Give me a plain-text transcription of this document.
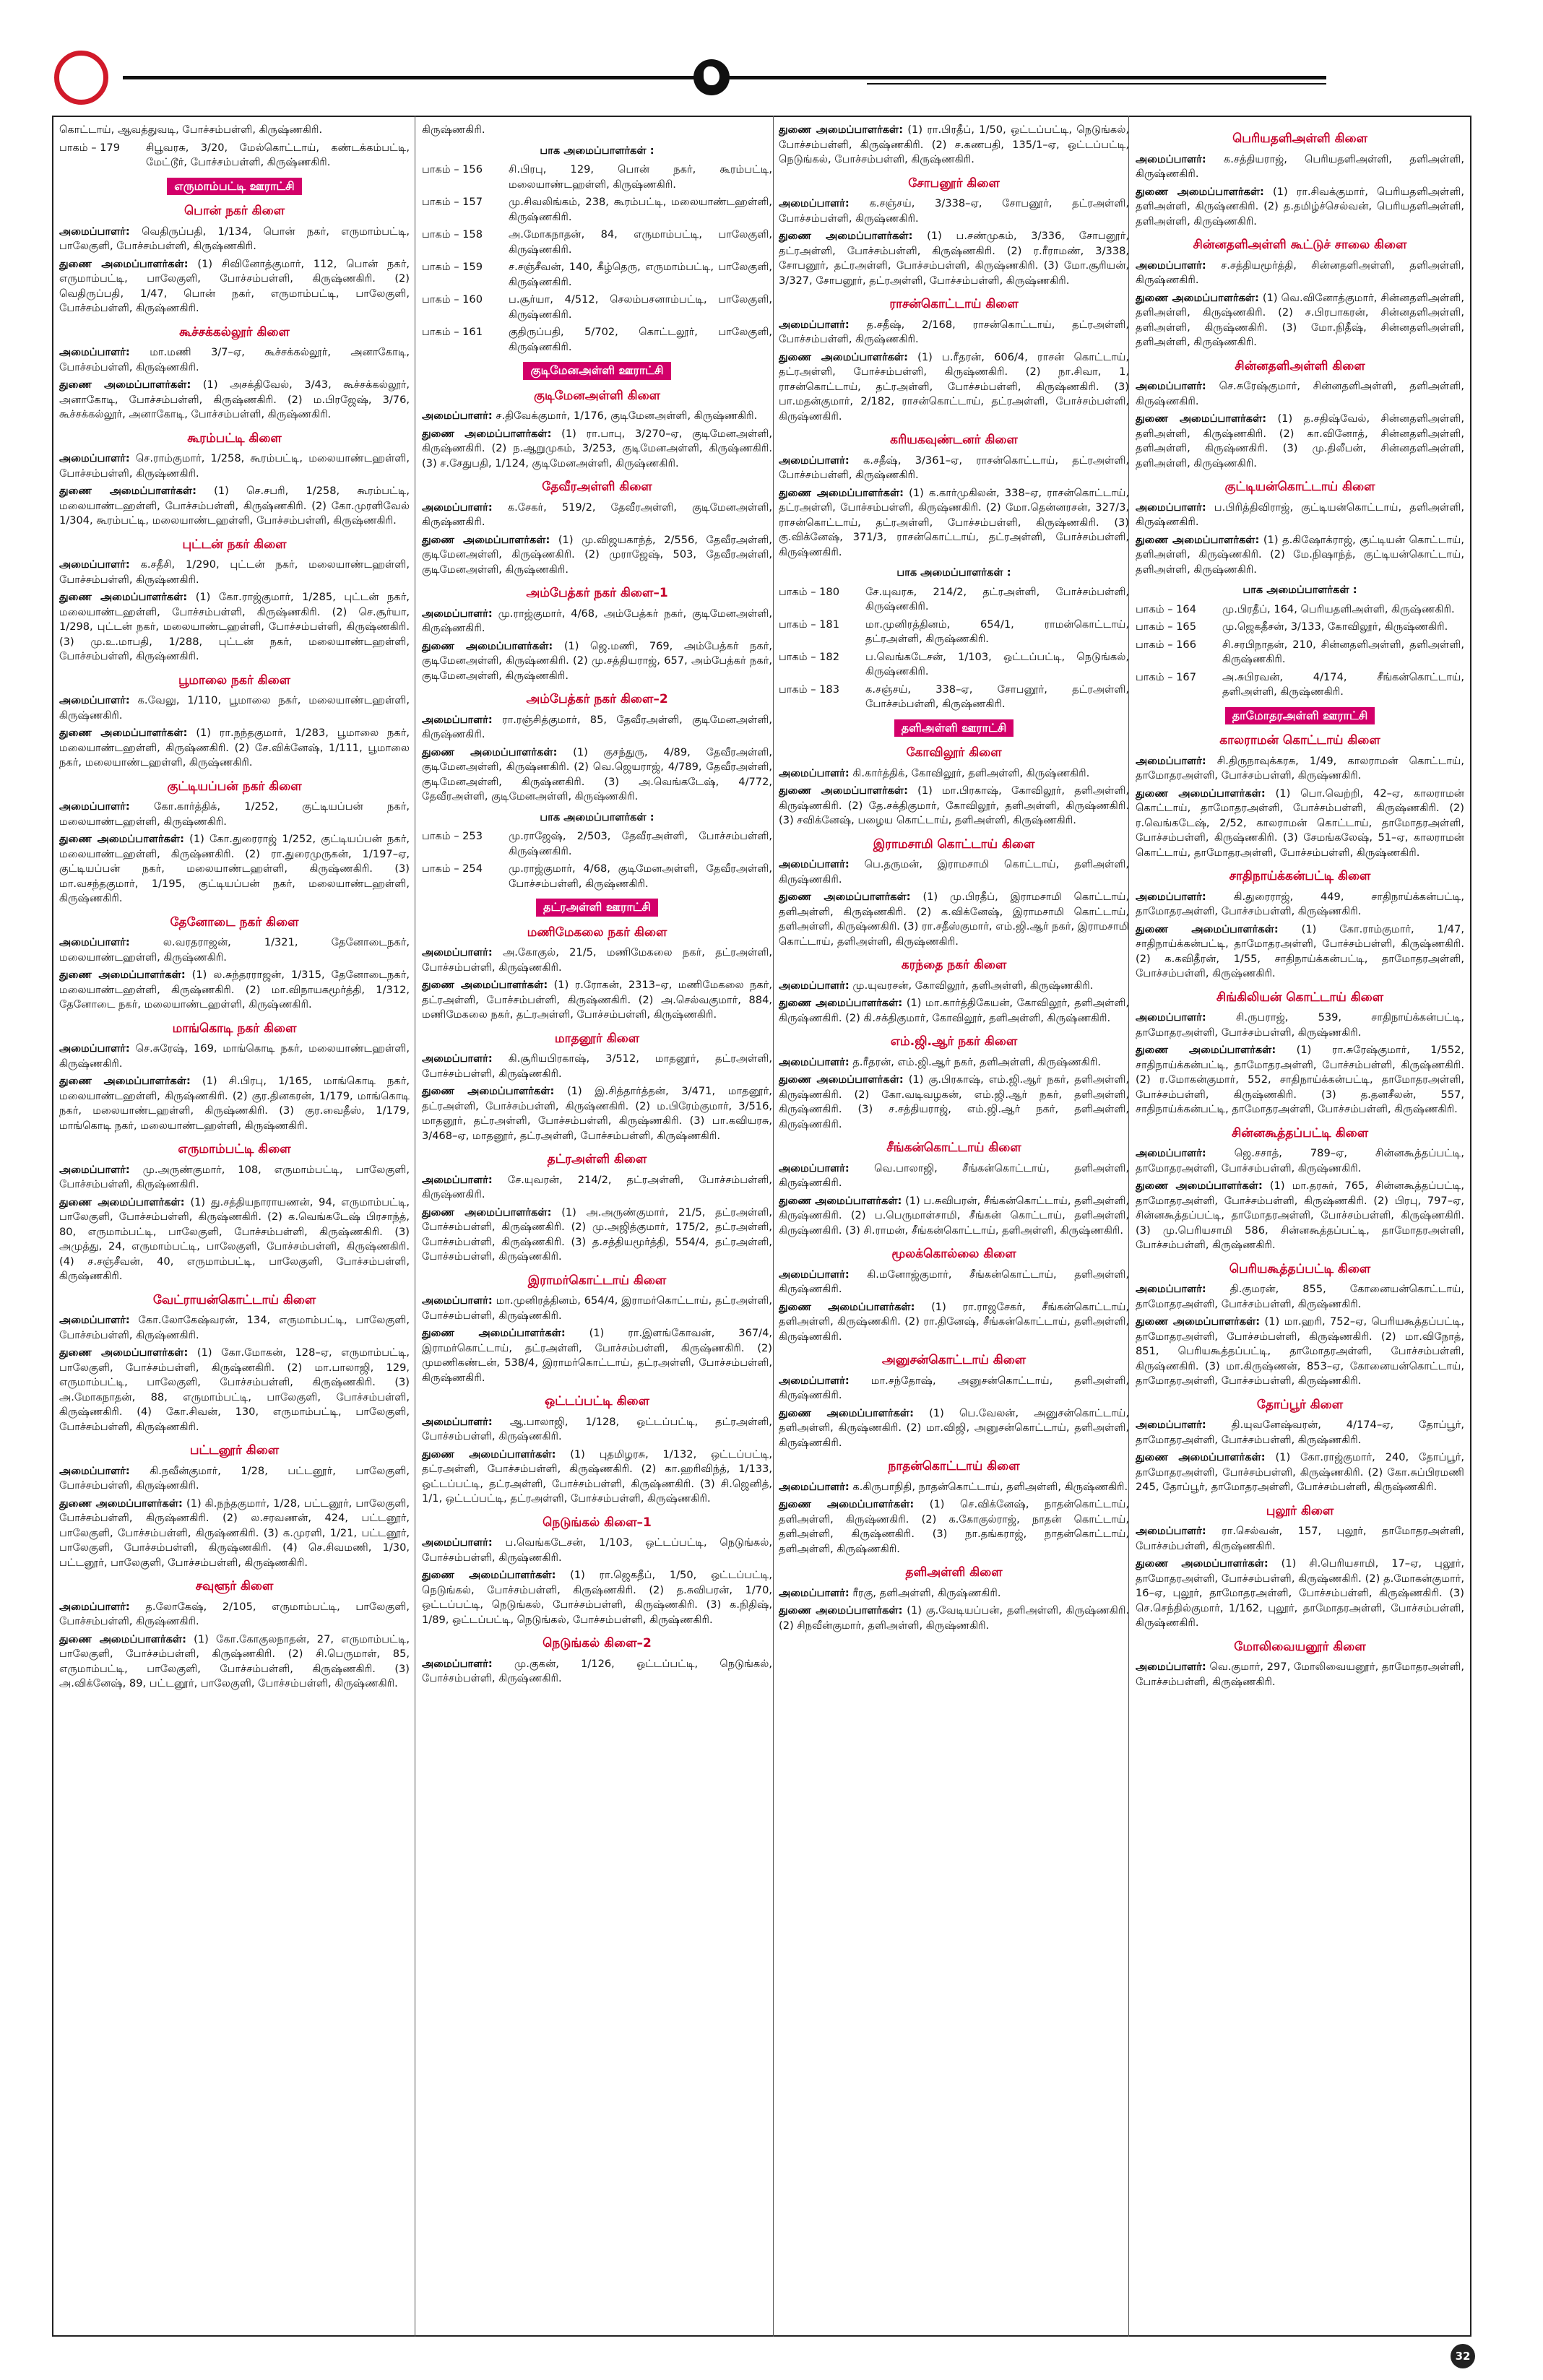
கொட்டாய், ஆவத்துவடி, போச்சம்பள்ளி, கிருஷ்ணகிரி.

பாகம் – 179	சிபூவரசு, 3/20, மேல்கொட்டாய், கண்டக்கம்பட்டி, மேட்டூர், போச்சம்பள்ளி, கிருஷ்ணகிரி.
எருமாம்பட்டி ஊராட்சி
பொன் நகர் கிளை

அமைப்பாளர்: வெதிருப்பதி, 1/134, பொன் நகர், எருமாம்பட்டி, பாலேகுளி, போச்சம்பள்ளி, கிருஷ்ணகிரி.

துணை அமைப்பாளர்கள்: (1) சிவினோத்குமார், 112, பொன் நகர், எருமாம்பட்டி, பாலேகுளி, போச்சம்பள்ளி, கிருஷ்ணகிரி. (2) வெதிருப்பதி, 1/47, பொன் நகர், எருமாம்பட்டி, பாலேகுளி, போச்சம்பள்ளி, கிருஷ்ணகிரி.

கூச்சக்கல்லூர் கிளை

அமைப்பாளர்: மா.மணி 3/7–ஏ, கூச்சக்கல்லூர், அனாகோடி, போச்சம்பள்ளி, கிருஷ்ணகிரி.

துணை அமைப்பாளர்கள்: (1) அசக்திவேல், 3/43, கூச்சக்கல்லூர், அனாகோடி, போச்சம்பள்ளி, கிருஷ்ணகிரி. (2) ம.பிரஜேஷ், 3/76, கூச்சக்கல்லூர், அனாகோடி, போச்சம்பள்ளி, கிருஷ்ணகிரி.

கூரம்பட்டி கிளை

அமைப்பாளர்: செ.ராம்குமார், 1/258, கூரம்பட்டி, மலையாண்டஹள்ளி, போச்சம்பள்ளி, கிருஷ்ணகிரி.

துணை அமைப்பாளர்கள்: (1) செ.சபரி, 1/258, கூரம்பட்டி, மலையாண்டஹள்ளி, போச்சம்பள்ளி, கிருஷ்ணகிரி. (2) கோ.முரளிவேல் 1/304, கூரம்பட்டி, மலையாண்டஹள்ளி, போச்சம்பள்ளி, கிருஷ்ணகிரி.

புட்டன் நகர் கிளை

அமைப்பாளர்: க.சதீசி, 1/290, புட்டன் நகர், மலையாண்டஹள்ளி, போச்சம்பள்ளி, கிருஷ்ணகிரி.

துணை அமைப்பாளர்கள்: (1) கோ.ராஜ்குமார், 1/285, புட்டன் நகர், மலையாண்டஹள்ளி, போச்சம்பள்ளி, கிருஷ்ணகிரி. (2) செ.சூர்யா, 1/298, புட்டன் நகர், மலையாண்டஹள்ளி, போச்சம்பள்ளி, கிருஷ்ணகிரி. (3) மு.உ.மாபதி, 1/288, புட்டன் நகர், மலையாண்டஹள்ளி, போச்சம்பள்ளி, கிருஷ்ணகிரி.

பூமாலை நகர் கிளை

அமைப்பாளர்: க.வேலு, 1/110, பூமாலை நகர், மலையாண்டஹள்ளி, கிருஷ்ணகிரி.

துணை அமைப்பாளர்கள்: (1) ரா.நந்தகுமார், 1/283, பூமாலை நகர், மலையாண்டஹள்ளி, கிருஷ்ணகிரி. (2) சே.விக்னேஷ், 1/111, பூமாலை நகர், மலையாண்டஹள்ளி, கிருஷ்ணகிரி.

குட்டியப்பன் நகர் கிளை

அமைப்பாளர்: கோ.கார்த்திக், 1/252, குட்டியப்பன் நகர், மலையாண்டஹள்ளி, கிருஷ்ணகிரி.

துணை அமைப்பாளர்கள்: (1) கோ.துரைராஜ் 1/252, குட்டியப்பன் நகர், மலையாண்டஹள்ளி, கிருஷ்ணகிரி. (2) ரா.துரைமுருகன், 1/197–ஏ, குட்டியப்பன் நகர், மலையாண்டஹள்ளி, கிருஷ்ணகிரி. (3) மா.வசந்தகுமார், 1/195, குட்டியப்பன் நகர், மலையாண்டஹள்ளி, கிருஷ்ணகிரி.

தேனோடை நகர் கிளை

அமைப்பாளர்:	ல.வரதராஜன், 1/321, தேனோடைநகர், மலையாண்டஹள்ளி, கிருஷ்ணகிரி.

துணை அமைப்பாளர்கள்: (1) ல.சுந்தரராஜன், 1/315, தேனோடைநகர், மலையாண்டஹள்ளி, கிருஷ்ணகிரி. (2) மா.விநாயகமூர்த்தி, 1/312, தேனோடை நகர், மலையாண்டஹள்ளி, கிருஷ்ணகிரி.

மாங்கொடி நகர் கிளை

அமைப்பாளர்: செ.சுரேஷ், 169, மாங்கொடி நகர், மலையாண்டஹள்ளி, கிருஷ்ணகிரி.

துணை அமைப்பாளர்கள்: (1) சி.பிரபு, 1/165, மாங்கொடி நகர், மலையாண்டஹள்ளி, கிருஷ்ணகிரி. (2) குர.தினகரன், 1/179, மாங்கொடி நகர், மலையாண்டஹள்ளி, கிருஷ்ணகிரி. (3) குர.வைதீஸ், 1/179, மாங்கொடி நகர், மலையாண்டஹள்ளி, கிருஷ்ணகிரி.

எருமாம்பட்டி கிளை

அமைப்பாளர்: மு.அருண்குமார், 108, எருமாம்பட்டி, பாலேகுளி, போச்சம்பள்ளி, கிருஷ்ணகிரி.

துணை அமைப்பாளர்கள்: (1) து.சத்தியநாராயணன், 94, எருமாம்பட்டி, பாலேகுளி, போச்சம்பள்ளி, கிருஷ்ணகிரி. (2) க.வெங்கடேஷ் பிரசாந்த், 80, எருமாம்பட்டி, பாலேகுளி, போச்சம்பள்ளி, கிருஷ்ணகிரி. (3) அமுத்து, 24, எருமாம்பட்டி, பாலேகுளி, போச்சம்பள்ளி, கிருஷ்ணகிரி. (4) ச.சஞ்சீவன், 40, எருமாம்பட்டி, பாலேகுளி, போச்சம்பள்ளி, கிருஷ்ணகிரி.

வேட்ராயன்கொட்டாய் கிளை

அமைப்பாளர்: கோ.லோகேஷ்வரன், 134, எருமாம்பட்டி, பாலேகுளி, போச்சம்பள்ளி, கிருஷ்ணகிரி.

துணை அமைப்பாளர்கள்: (1) கோ.மோகன், 128–ஏ, எருமாம்பட்டி, பாலேகுளி, போச்சம்பள்ளி, கிருஷ்ணகிரி. (2) மா.பாலாஜி, 129, எருமாம்பட்டி, பாலேகுளி, போச்சம்பள்ளி, கிருஷ்ணகிரி. (3) அ.மோகநாதன், 88, எருமாம்பட்டி, பாலேகுளி, போச்சம்பள்ளி, கிருஷ்ணகிரி. (4) கோ.சிவன், 130, எருமாம்பட்டி, பாலேகுளி, போச்சம்பள்ளி, கிருஷ்ணகிரி.

பட்டனூர் கிளை

அமைப்பாளர்: கி.நவீன்குமார், 1/28, பட்டனூர், பாலேகுளி, போச்சம்பள்ளி, கிருஷ்ணகிரி.

துணை அமைப்பாளர்கள்: (1) கி.நந்தகுமார், 1/28, பட்டனூர், பாலேகுளி, போச்சம்பள்ளி, கிருஷ்ணகிரி. (2) ல.சரவணன், 424, பட்டனூர், பாலேகுளி, போச்சம்பள்ளி, கிருஷ்ணகிரி. (3) க.முரளி, 1/21, பட்டனூர், பாலேகுளி, போச்சம்பள்ளி, கிருஷ்ணகிரி. (4) செ.சிவமணி, 1/30, பட்டனூர், பாலேகுளி, போச்சம்பள்ளி, கிருஷ்ணகிரி.

சவுளூர் கிளை

அமைப்பாளர்: த.லோகேஷ், 2/105, எருமாம்பட்டி, பாலேகுளி, போச்சம்பள்ளி, கிருஷ்ணகிரி.

துணை அமைப்பாளர்கள்: (1) கோ.கோகுலநாதன், 27, எருமாம்பட்டி, பாலேகுளி, போச்சம்பள்ளி, கிருஷ்ணகிரி. (2) சி.பெருமாள், 85, எருமாம்பட்டி, பாலேகுளி, போச்சம்பள்ளி, கிருஷ்ணகிரி. (3) அ.விக்னேஷ், 89, பட்டனூர், பாலேகுளி, போச்சம்பள்ளி, கிருஷ்ணகிரி.

கிருஷ்ணகிரி.

பாக அமைப்பாளர்கள் :
பாகம் – 156	சி.பிரபு, 129, பொன் நகர், கூரம்பட்டி, மலையாண்டஹள்ளி, கிருஷ்ணகிரி.
பாகம் – 157	மு.சிவலிங்கம், 238, கூரம்பட்டி, மலையாண்டஹள்ளி, கிருஷ்ணகிரி.
பாகம் – 158	அ.மோகநாதன், 84, எருமாம்பட்டி, பாலேகுளி, கிருஷ்ணகிரி.
பாகம் – 159	ச.சஞ்சீவன், 140, கீழ்தெரு, எருமாம்பட்டி, பாலேகுளி, கிருஷ்ணகிரி.
பாகம் – 160	ப.சூர்யா, 4/512, செலம்பசனாம்பட்டி, பாலேகுளி, கிருஷ்ணகிரி.
பாகம் – 161	குதிருப்பதி, 5/702, கொட்டலூர், பாலேகுளி, கிருஷ்ணகிரி.
குடிமேனஅள்ளி ஊராட்சி
குடிமேனஅள்ளி கிளை

அமைப்பாளர்: ச.திவேக்குமார், 1/176, குடிமேனஅள்ளி, கிருஷ்ணகிரி.

துணை அமைப்பாளர்கள்: (1) ரா.பாபு, 3/270–ஏ, குடிமேனஅள்ளி, கிருஷ்ணகிரி. (2) ந.ஆறுமுகம், 3/253, குடிமேனஅள்ளி, கிருஷ்ணகிரி. (3) ச.சேதுபதி, 1/124, குடிமேனஅள்ளி, கிருஷ்ணகிரி.

தேவீரஅள்ளி கிளை

அமைப்பாளர்: க.சேகர், 519/2, தேவீரஅள்ளி, குடிமேனஅள்ளி, கிருஷ்ணகிரி.

துணை அமைப்பாளர்கள்: (1) மு.விஜயகாந்த், 2/556, தேவீரஅள்ளி, குடிமேனஅள்ளி, கிருஷ்ணகிரி. (2) முராஜேஷ், 503, தேவீரஅள்ளி, குடிமேனஅள்ளி, கிருஷ்ணகிரி.

அம்பேத்கர் நகர் கிளை–1

அமைப்பாளர்: மு.ராஜ்குமார், 4/68, அம்பேத்கர் நகர், குடிமேனஅள்ளி, கிருஷ்ணகிரி.

துணை அமைப்பாளர்கள்: (1) ஜெ.மணி, 769, அம்பேத்கர் நகர், குடிமேனஅள்ளி, கிருஷ்ணகிரி. (2) மு.சத்தியராஜ், 657, அம்பேத்கர் நகர், குடிமேனஅள்ளி, கிருஷ்ணகிரி.

அம்பேத்கர் நகர் கிளை–2

அமைப்பாளர்: ரா.ரஞ்சித்குமார், 85, தேவீரஅள்ளி, குடிமேனஅள்ளி, கிருஷ்ணகிரி.

துணை அமைப்பாளர்கள்: (1) குசந்துரு, 4/89, தேவீரஅள்ளி, குடிமேனஅள்ளி, கிருஷ்ணகிரி. (2) வெ.ஜெயராஜ், 4/789, தேவீரஅள்ளி, குடிமேனஅள்ளி, கிருஷ்ணகிரி. (3) அ.வெங்கடேஷ், 4/772, தேவீரஅள்ளி, குடிமேனஅள்ளி, கிருஷ்ணகிரி.

பாக அமைப்பாளர்கள் :
பாகம் – 253	மு.ராஜேஷ், 2/503, தேவீரஅள்ளி, போச்சம்பள்ளி, கிருஷ்ணகிரி.
பாகம் – 254	மு.ராஜ்குமார், 4/68, குடிமேனஅள்ளி, தேவீரஅள்ளி, போச்சம்பள்ளி, கிருஷ்ணகிரி.
தட்ரஅள்ளி ஊராட்சி
மணிமேகலை நகர் கிளை

அமைப்பாளர்: அ.கோகுல், 21/5, மணிமேகலை நகர், தட்ரஅள்ளி, போச்சம்பள்ளி, கிருஷ்ணகிரி.

துணை அமைப்பாளர்கள்: (1) ர.ரோகன், 2313–ஏ, மணிமேகலை நகர், தட்ரஅள்ளி, போச்சம்பள்ளி, கிருஷ்ணகிரி. (2) அ.செல்வகுமார், 884, மணிமேகலை நகர், தட்ரஅள்ளி, போச்சம்பள்ளி, கிருஷ்ணகிரி.

மாதனூர் கிளை

அமைப்பாளர்: கி.சூரியபிரகாஷ், 3/512, மாதனூர், தட்ரஅள்ளி, போச்சம்பள்ளி, கிருஷ்ணகிரி.

துணை அமைப்பாளர்கள்: (1) இ.சித்தார்த்தன், 3/471, மாதனூர், தட்ரஅள்ளி, போச்சம்பள்ளி, கிருஷ்ணகிரி. (2) ம.பிரேம்குமார், 3/516, மாதனூர், தட்ரஅள்ளி, போச்சம்பள்ளி, கிருஷ்ணகிரி. (3) பா.கவியரசு, 3/468–ஏ, மாதனூர், தட்ரஅள்ளி, போச்சம்பள்ளி, கிருஷ்ணகிரி.

தட்ரஅள்ளி கிளை

அமைப்பாளர்: சே.யுவரன், 214/2, தட்ரஅள்ளி, போச்சம்பள்ளி, கிருஷ்ணகிரி.

துணை அமைப்பாளர்கள்: (1) அ.அருண்குமார், 21/5, தட்ரஅள்ளி, போச்சம்பள்ளி, கிருஷ்ணகிரி. (2) மு.அஜித்குமார், 175/2, தட்ரஅள்ளி, போச்சம்பள்ளி, கிருஷ்ணகிரி. (3) த.சத்தியமூர்த்தி, 554/4, தட்ரஅள்ளி, போச்சம்பள்ளி, கிருஷ்ணகிரி.

இராமர்கொட்டாய் கிளை

அமைப்பாளர்: மா.முனிரத்தினம், 654/4, இராமர்கொட்டாய், தட்ரஅள்ளி, போச்சம்பள்ளி, கிருஷ்ணகிரி.

துணை அமைப்பாளர்கள்: (1) ரா.இளங்கோவன், 367/4, இராமர்கொட்டாய், தட்ரஅள்ளி, போச்சம்பள்ளி, கிருஷ்ணகிரி. (2) முமணிகண்டன், 538/4, இராமர்கொட்டாய், தட்ரஅள்ளி, போச்சம்பள்ளி, கிருஷ்ணகிரி.

ஒட்டப்பட்டி கிளை

அமைப்பாளர்: ஆ.பாலாஜி, 1/128, ஒட்டப்பட்டி, தட்ரஅள்ளி, போச்சம்பள்ளி, கிருஷ்ணகிரி.

துணை அமைப்பாளர்கள்: (1) புதமிழரசு, 1/132, ஒட்டப்பட்டி, தட்ரஅள்ளி, போச்சம்பள்ளி, கிருஷ்ணகிரி. (2) கா.ஹரிவிந்த், 1/133, ஒட்டப்பட்டி, தட்ரஅள்ளி, போச்சம்பள்ளி, கிருஷ்ணகிரி. (3) சி.ஜெனித், 1/1, ஒட்டப்பட்டி, தட்ரஅள்ளி, போச்சம்பள்ளி, கிருஷ்ணகிரி.

நெடுங்கல் கிளை–1

அமைப்பாளர்: ப.வெங்கடேசன், 1/103, ஒட்டப்பட்டி, நெடுங்கல், போச்சம்பள்ளி, கிருஷ்ணகிரி.

துணை அமைப்பாளர்கள்: (1) ரா.ஜெகதீப், 1/50, ஒட்டப்பட்டி, நெடுங்கல், போச்சம்பள்ளி, கிருஷ்ணகிரி. (2) த.சுவிபரன், 1/70, ஒட்டப்பட்டி, நெடுங்கல், போச்சம்பள்ளி, கிருஷ்ணகிரி. (3) க.நிதிஷ், 1/89, ஒட்டப்பட்டி, நெடுங்கல், போச்சம்பள்ளி, கிருஷ்ணகிரி.

நெடுங்கல் கிளை–2

அமைப்பாளர்: மு.குகன், 1/126, ஒட்டப்பட்டி, நெடுங்கல், போச்சம்பள்ளி, கிருஷ்ணகிரி.

துணை அமைப்பாளர்கள்: (1) ரா.பிரதீப், 1/50, ஒட்டப்பட்டி, நெடுங்கல், போச்சம்பள்ளி, கிருஷ்ணகிரி. (2) ச.கணபதி, 135/1–ஏ, ஒட்டப்பட்டி, நெடுங்கல், போச்சம்பள்ளி, கிருஷ்ணகிரி.

சோபனூர் கிளை

அமைப்பாளர்: க.சஞ்சய், 3/338–ஏ, சோபனூர், தட்ரஅள்ளி, போச்சம்பள்ளி, கிருஷ்ணகிரி.

துணை அமைப்பாளர்கள்: (1) ப.சண்முகம், 3/336, சோபனூர், தட்ரஅள்ளி, போச்சம்பள்ளி, கிருஷ்ணகிரி. (2) ர.ரீராமண், 3/338, சோபனூர், தட்ரஅள்ளி, போச்சம்பள்ளி, கிருஷ்ணகிரி. (3) மோ.சூரியன், 3/327, சோபனூர், தட்ரஅள்ளி, போச்சம்பள்ளி, கிருஷ்ணகிரி.

ராசன்கொட்டாய் கிளை

அமைப்பாளர்: த.சதீஷ், 2/168, ராசன்கொட்டாய், தட்ரஅள்ளி, போச்சம்பள்ளி, கிருஷ்ணகிரி.

துணை அமைப்பாளர்கள்: (1) ப.ரீதரன், 606/4, ராசன் கொட்டாய், தட்ரஅள்ளி, போச்சம்பள்ளி, கிருஷ்ணகிரி. (2) நா.சிவா, 1, ராசன்கொட்டாய், தட்ரஅள்ளி, போச்சம்பள்ளி, கிருஷ்ணகிரி. (3) பா.மதன்குமார், 2/182, ராசன்கொட்டாய், தட்ரஅள்ளி, போச்சம்பள்ளி, கிருஷ்ணகிரி.

கரியகவுண்டனர் கிளை

அமைப்பாளர்: க.சதீஷ், 3/361–ஏ, ராசன்கொட்டாய், தட்ரஅள்ளி, போச்சம்பள்ளி, கிருஷ்ணகிரி.

துணை அமைப்பாளர்கள்: (1) க.கார்முகிலன், 338–ஏ, ராசன்கொட்டாய், தட்ரஅள்ளி, போச்சம்பள்ளி, கிருஷ்ணகிரி. (2) மோ.தென்னரசன், 327/3, ராசன்கொட்டாய், தட்ரஅள்ளி, போச்சம்பள்ளி, கிருஷ்ணகிரி. (3) கு.விக்னேஷ், 371/3, ராசன்கொட்டாய், தட்ரஅள்ளி, போச்சம்பள்ளி, கிருஷ்ணகிரி.

பாக அமைப்பாளர்கள் :
பாகம் – 180	சே.யுவரசு, 214/2, தட்ரஅள்ளி, போச்சம்பள்ளி, கிருஷ்ணகிரி.
பாகம் – 181	மா.முனிரத்தினம், 654/1, ராமன்கொட்டாய், தட்ரஅள்ளி, கிருஷ்ணகிரி.
பாகம் – 182	ப.வெங்கடேசன், 1/103, ஒட்டப்பட்டி, நெடுங்கல், கிருஷ்ணகிரி.
பாகம் – 183	க.சஞ்சய், 338–ஏ, சோபனூர், தட்ரஅள்ளி, போச்சம்பள்ளி, கிருஷ்ணகிரி.
தளிஅள்ளி ஊராட்சி
கோவிலூர் கிளை

அமைப்பாளர்: கி.கார்த்திக், கோவிலூர், தளிஅள்ளி, கிருஷ்ணகிரி.

துணை அமைப்பாளர்கள்: (1) மா.பிரகாஷ், கோவிலூர், தளிஅள்ளி, கிருஷ்ணகிரி. (2) தே.சக்திகுமார், கோவிலூர், தளிஅள்ளி, கிருஷ்ணகிரி. (3) சவிக்னேஷ், பழைய கொட்டாய், தளிஅள்ளி, கிருஷ்ணகிரி.

இராமசாமி கொட்டாய் கிளை

அமைப்பாளர்: பெ.தருமன், இராமசாமி கொட்டாய், தளிஅள்ளி, கிருஷ்ணகிரி.

துணை அமைப்பாளர்கள்: (1) மு.பிரதீப், இராமசாமி கொட்டாய், தளிஅள்ளி, கிருஷ்ணகிரி. (2) க.விக்னேஷ், இராமசாமி கொட்டாய், தளிஅள்ளி, கிருஷ்ணகிரி. (3) ரா.சதீஸ்குமார், எம்.ஜி.ஆர் நகர், இராமசாமி கொட்டாய், தளிஅள்ளி, கிருஷ்ணகிரி.

கரந்தை நகர் கிளை

அமைப்பாளர்: மு.யுவரசன், கோவிலூர், தளிஅள்ளி, கிருஷ்ணகிரி.

துணை அமைப்பாளர்கள்: (1) மா.கார்த்திகேயன், கோவிலூர், தளிஅள்ளி, கிருஷ்ணகிரி. (2) கி.சக்திகுமார், கோவிலூர், தளிஅள்ளி, கிருஷ்ணகிரி.

எம்.ஜி.ஆர் நகர் கிளை

அமைப்பாளர்: த.ரீதரன், எம்.ஜி.ஆர் நகர், தளிஅள்ளி, கிருஷ்ணகிரி.

துணை அமைப்பாளர்கள்: (1) கு.பிரகாஷ், எம்.ஜி.ஆர் நகர், தளிஅள்ளி, கிருஷ்ணகிரி. (2) கோ.வடிவழகன், எம்.ஜி.ஆர் நகர், தளிஅள்ளி, கிருஷ்ணகிரி. (3) ச.சத்தியராஜ், எம்.ஜி.ஆர் நகர், தளிஅள்ளி, கிருஷ்ணகிரி.

சீங்கன்கொட்டாய் கிளை

அமைப்பாளர்: வெ.பாலாஜி, சீங்கன்கொட்டாய், தளிஅள்ளி, கிருஷ்ணகிரி.

துணை அமைப்பாளர்கள்: (1) ப.சுவிபரன், சீங்கன்கொட்டாய், தளிஅள்ளி, கிருஷ்ணகிரி. (2) ப.பெருமாள்சாமி, சீங்கன் கொட்டாய், தளிஅள்ளி, கிருஷ்ணகிரி. (3) சி.ராமன், சீங்கன்கொட்டாய், தளிஅள்ளி, கிருஷ்ணகிரி.

மூலக்கொல்லை கிளை

அமைப்பாளர்: கி.மனோஜ்குமார், சீங்கன்கொட்டாய், தளிஅள்ளி, கிருஷ்ணகிரி.

துணை அமைப்பாளர்கள்: (1) ரா.ராஜசேகர், சீங்கன்கொட்டாய், தளிஅள்ளி, கிருஷ்ணகிரி. (2) ரா.தினேஷ், சீங்கன்கொட்டாய், தளிஅள்ளி, கிருஷ்ணகிரி.

அனுசன்கொட்டாய் கிளை

அமைப்பாளர்: மா.சந்தோஷ், அனுசன்கொட்டாய், தளிஅள்ளி, கிருஷ்ணகிரி.

துணை அமைப்பாளர்கள்: (1) பெ.வேலன், அனுசன்கொட்டாய், தளிஅள்ளி, கிருஷ்ணகிரி. (2) மா.விஜி, அனுசன்கொட்டாய், தளிஅள்ளி, கிருஷ்ணகிரி.

நாதன்கொட்டாய் கிளை

அமைப்பாளர்: க.கிருபாநிதி, நாதன்கொட்டாய், தளிஅள்ளி, கிருஷ்ணகிரி.

துணை அமைப்பாளர்கள்: (1) செ.விக்னேஷ், நாதன்கொட்டாய், தளிஅள்ளி, கிருஷ்ணகிரி. (2) க.கோகுல்ராஜ், நாதன் கொட்டாய், தளிஅள்ளி, கிருஷ்ணகிரி. (3) நா.தங்கராஜ், நாதன்கொட்டாய், தளிஅள்ளி, கிருஷ்ணகிரி.

தளிஅள்ளி கிளை

அமைப்பாளர்: ரீரகு, தளிஅள்ளி, கிருஷ்ணகிரி.

துணை அமைப்பாளர்கள்: (1) கு.வேடியப்பன், தளிஅள்ளி, கிருஷ்ணகிரி. (2) சிநவீன்குமார், தளிஅள்ளி, கிருஷ்ணகிரி.

பெரியதளிஅள்ளி கிளை

அமைப்பாளர்: க.சத்தியராஜ், பெரியதளிஅள்ளி, தளிஅள்ளி, கிருஷ்ணகிரி.

துணை அமைப்பாளர்கள்: (1) ரா.சிவக்குமார், பெரியதளிஅள்ளி, தளிஅள்ளி, கிருஷ்ணகிரி. (2) த.தமிழ்ச்செல்வன், பெரியதளிஅள்ளி, தளிஅள்ளி, கிருஷ்ணகிரி.

சின்னதளிஅள்ளி கூட்டுச் சாலை கிளை

அமைப்பாளர்: ச.சத்தியமூர்த்தி, சின்னதளிஅள்ளி, தளிஅள்ளி, கிருஷ்ணகிரி.

துணை அமைப்பாளர்கள்: (1) வெ.வினோத்குமார், சின்னதளிஅள்ளி, தளிஅள்ளி, கிருஷ்ணகிரி. (2) ச.பிரபாகரன், சின்னதளிஅள்ளி, தளிஅள்ளி, கிருஷ்ணகிரி. (3) மோ.நிதீஷ், சின்னதளிஅள்ளி, தளிஅள்ளி, கிருஷ்ணகிரி.

சின்னதளிஅள்ளி கிளை

அமைப்பாளர்: செ.சுரேஷ்குமார், சின்னதளிஅள்ளி, தளிஅள்ளி, கிருஷ்ணகிரி.

துணை அமைப்பாளர்கள்: (1) த.சதிஷ்வேல், சின்னதளிஅள்ளி, தளிஅள்ளி, கிருஷ்ணகிரி. (2) கா.வினோத், சின்னதளிஅள்ளி, தளிஅள்ளி, கிருஷ்ணகிரி. (3) மு.திலீபன், சின்னதளிஅள்ளி, தளிஅள்ளி, கிருஷ்ணகிரி.

குட்டியன்கொட்டாய் கிளை

அமைப்பாளர்: ப.பிரித்திவிராஜ், குட்டியன்கொட்டாய், தளிஅள்ளி, கிருஷ்ணகிரி.

துணை அமைப்பாளர்கள்: (1) த.கிஷோக்ராஜ், குட்டியன் கொட்டாய், தளிஅள்ளி, கிருஷ்ணகிரி. (2) மே.நிஷாந்த், குட்டியன்கொட்டாய், தளிஅள்ளி, கிருஷ்ணகிரி.

பாக அமைப்பாளர்கள் :
பாகம் – 164	மு.பிரதீப், 164, பெரியதளிஅள்ளி, கிருஷ்ணகிரி.
பாகம் – 165	மு.ஜெகதீசன், 3/133, கோவிலூர், கிருஷ்ணகிரி.
பாகம் – 166	சி.சரபிநாதன், 210, சின்னதளிஅள்ளி, தளிஅள்ளி, கிருஷ்ணகிரி.
பாகம் – 167	அ.சுபிரவன், 4/174, சீங்கன்கொட்டாய், தளிஅள்ளி, கிருஷ்ணகிரி.
தாமோதரஅள்ளி ஊராட்சி
காலராமன் கொட்டாய் கிளை

அமைப்பாளர்: சி.திருநாவுக்கரசு, 1/49, காலராமன் கொட்டாய், தாமோதரஅள்ளி, போச்சம்பள்ளி, கிருஷ்ணகிரி.

துணை அமைப்பாளர்கள்: (1) பொ.வெற்றி, 42–ஏ, காலராமன் கொட்டாய், தாமோதரஅள்ளி, போச்சம்பள்ளி, கிருஷ்ணகிரி. (2) ர.வெங்கடேஷ், 2/52, காலராமன் கொட்டாய், தாமோதரஅள்ளி, போச்சம்பள்ளி, கிருஷ்ணகிரி. (3) சேமங்கலேஷ், 51–ஏ, காலராமன் கொட்டாய், தாமோதரஅள்ளி, போச்சம்பள்ளி, கிருஷ்ணகிரி.

சாதிநாய்க்கன்பட்டி கிளை

அமைப்பாளர்:	கி.துரைராஜ், 449, சாதிநாய்க்கன்பட்டி, தாமோதரஅள்ளி, போச்சம்பள்ளி, கிருஷ்ணகிரி.

துணை அமைப்பாளர்கள்: (1) கோ.ராம்குமார், 1/47, சாதிநாய்க்கன்பட்டி, தாமோதரஅள்ளி, போச்சம்பள்ளி, கிருஷ்ணகிரி. (2) க.கவிதீரன், 1/55, சாதிநாய்க்கன்பட்டி, தாமோதரஅள்ளி, போச்சம்பள்ளி, கிருஷ்ணகிரி.

சிங்கிலியன் கொட்டாய் கிளை

அமைப்பாளர்:	சி.ருபராஜ், 539, சாதிநாய்க்கன்பட்டி, தாமோதரஅள்ளி, போச்சம்பள்ளி, கிருஷ்ணகிரி.

துணை அமைப்பாளர்கள்: (1) ரா.சுரேஷ்குமார், 1/552, சாதிநாய்க்கன்பட்டி, தாமோதரஅள்ளி, போச்சம்பள்ளி, கிருஷ்ணகிரி. (2) ர.மோகன்குமார், 552, சாதிநாய்க்கன்பட்டி, தாமோதரஅள்ளி, போச்சம்பள்ளி, கிருஷ்ணகிரி. (3) த.தனசீலன், 557, சாதிநாய்க்கன்பட்டி, தாமோதரஅள்ளி, போச்சம்பள்ளி, கிருஷ்ணகிரி.

சின்னகூத்தப்பட்டி கிளை

அமைப்பாளர்:	ஜெ.சசாத், 789–ஏ, சின்னகூத்தப்பட்டி, தாமோதரஅள்ளி, போச்சம்பள்ளி, கிருஷ்ணகிரி.

துணை அமைப்பாளர்கள்: (1) மா.தரசுர், 765, சின்னகூத்தப்பட்டி, தாமோதரஅள்ளி, போச்சம்பள்ளி, கிருஷ்ணகிரி. (2) பிரபு, 797–ஏ, சின்னகூத்தப்பட்டி, தாமோதரஅள்ளி, போச்சம்பள்ளி, கிருஷ்ணகிரி. (3) மு.பெரியசாமி 586, சின்னகூத்தப்பட்டி, தாமோதரஅள்ளி, போச்சம்பள்ளி, கிருஷ்ணகிரி.

பெரியகூத்தப்பட்டி கிளை

அமைப்பாளர்: தி.குமரன், 855, கோனையன்கொட்டாய், தாமோதரஅள்ளி, போச்சம்பள்ளி, கிருஷ்ணகிரி.

துணை அமைப்பாளர்கள்: (1) மா.ஹரி, 752–ஏ, பெரியகூத்தப்பட்டி, தாமோதரஅள்ளி, போச்சம்பள்ளி, கிருஷ்ணகிரி. (2) மா.விநோத், 851, பெரியகூத்தப்பட்டி, தாமோதரஅள்ளி, போச்சம்பள்ளி, கிருஷ்ணகிரி. (3) மா.கிருஷ்ணன், 853–ஏ, கோனையன்கொட்டாய், தாமோதரஅள்ளி, போச்சம்பள்ளி, கிருஷ்ணகிரி.

தோப்பூர் கிளை

அமைப்பாளர்: தி.யுவனேஷ்வரன், 4/174–ஏ, தோப்பூர், தாமோதரஅள்ளி, போச்சம்பள்ளி, கிருஷ்ணகிரி.

துணை அமைப்பாளர்கள்: (1) கோ.ராஜ்குமார், 240, தோப்பூர், தாமோதரஅள்ளி, போச்சம்பள்ளி, கிருஷ்ணகிரி. (2) கோ.சுப்பிரமணி 245, தோப்பூர், தாமோதரஅள்ளி, போச்சம்பள்ளி, கிருஷ்ணகிரி.

புலூர் கிளை

அமைப்பாளர்: ரா.செல்வன், 157, புலூர், தாமோதரஅள்ளி, போச்சம்பள்ளி, கிருஷ்ணகிரி.

துணை அமைப்பாளர்கள்: (1) சி.பெரியசாமி, 17–ஏ, புலூர், தாமோதரஅள்ளி, போச்சம்பள்ளி, கிருஷ்ணகிரி. (2) த.மோகன்குமார், 16–ஏ, புலூர், தாமோதரஅள்ளி, போச்சம்பள்ளி, கிருஷ்ணகிரி. (3) செ.செந்தில்குமார், 1/162, புலூர், தாமோதரஅள்ளி, போச்சம்பள்ளி, கிருஷ்ணகிரி.

மோலிவையனூர் கிளை

அமைப்பாளர்: வெ.குமார், 297, மோலிவையனூர், தாமோதரஅள்ளி, போச்சம்பள்ளி, கிருஷ்ணகிரி.

32
